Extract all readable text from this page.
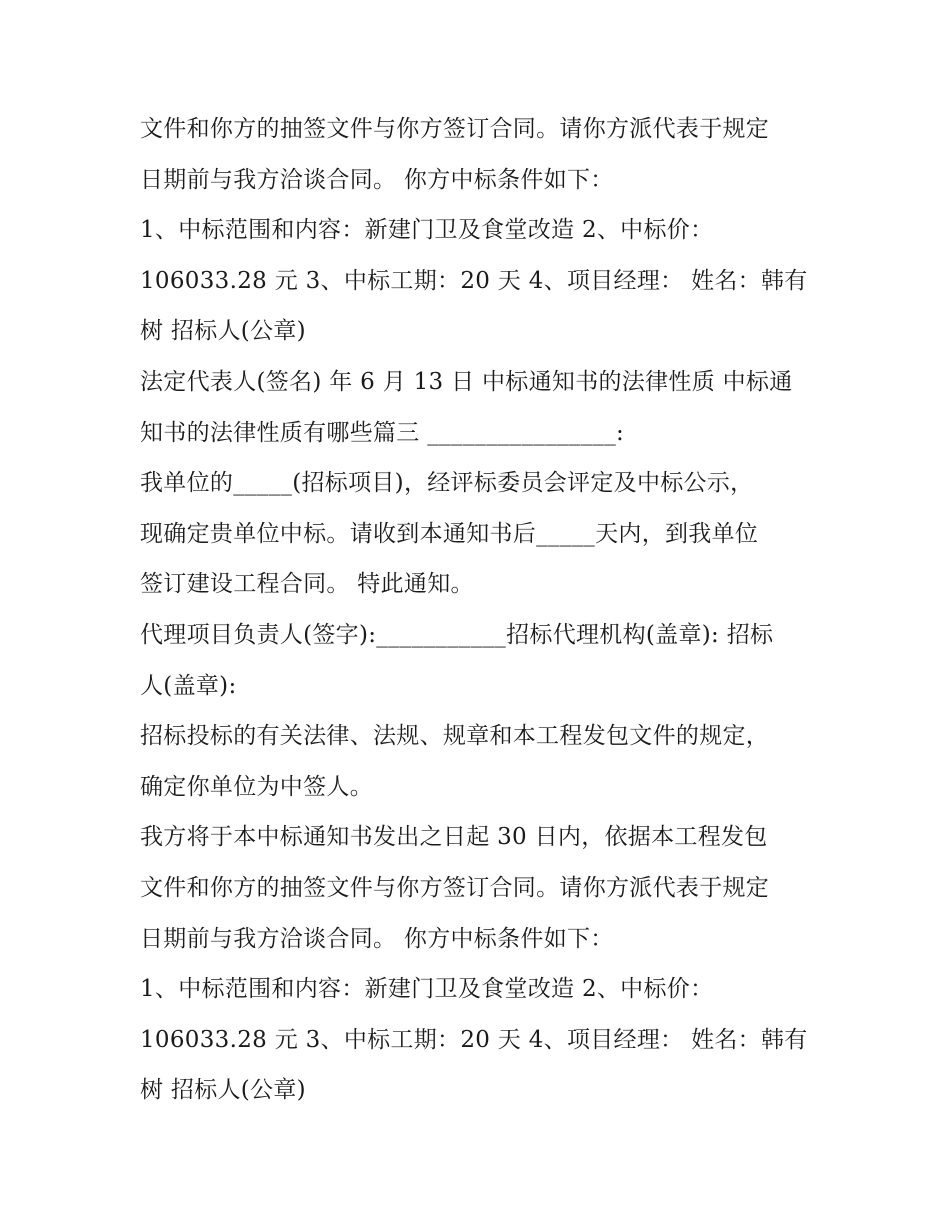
文件和你方的抽签文件与你方签订合同。请你方派代表于规定
日期前与我方洽谈合同。 你方中标条件如下：
1、中标范围和内容：新建门卫及食堂改造 2、中标价：
106033.28 元 3、中标工期：20 天 4、项目经理： 姓名：韩有
树 招标人(公章)
法定代表人(签名) 年 6 月 13 日 中标通知书的法律性质 中标通
知书的法律性质有哪些篇三 ________________:
我单位的_____(招标项目)，经评标委员会评定及中标公示，
现确定贵单位中标。请收到本通知书后_____天内，到我单位
签订建设工程合同。 特此通知。
代理项目负责人(签字):___________招标代理机构(盖章): 招标
人(盖章):
招标投标的有关法律、法规、规章和本工程发包文件的规定，
确定你单位为中签人。
我方将于本中标通知书发出之日起 30 日内，依据本工程发包
文件和你方的抽签文件与你方签订合同。请你方派代表于规定
日期前与我方洽谈合同。 你方中标条件如下：
1、中标范围和内容：新建门卫及食堂改造 2、中标价：
106033.28 元 3、中标工期：20 天 4、项目经理： 姓名：韩有
树 招标人(公章)
